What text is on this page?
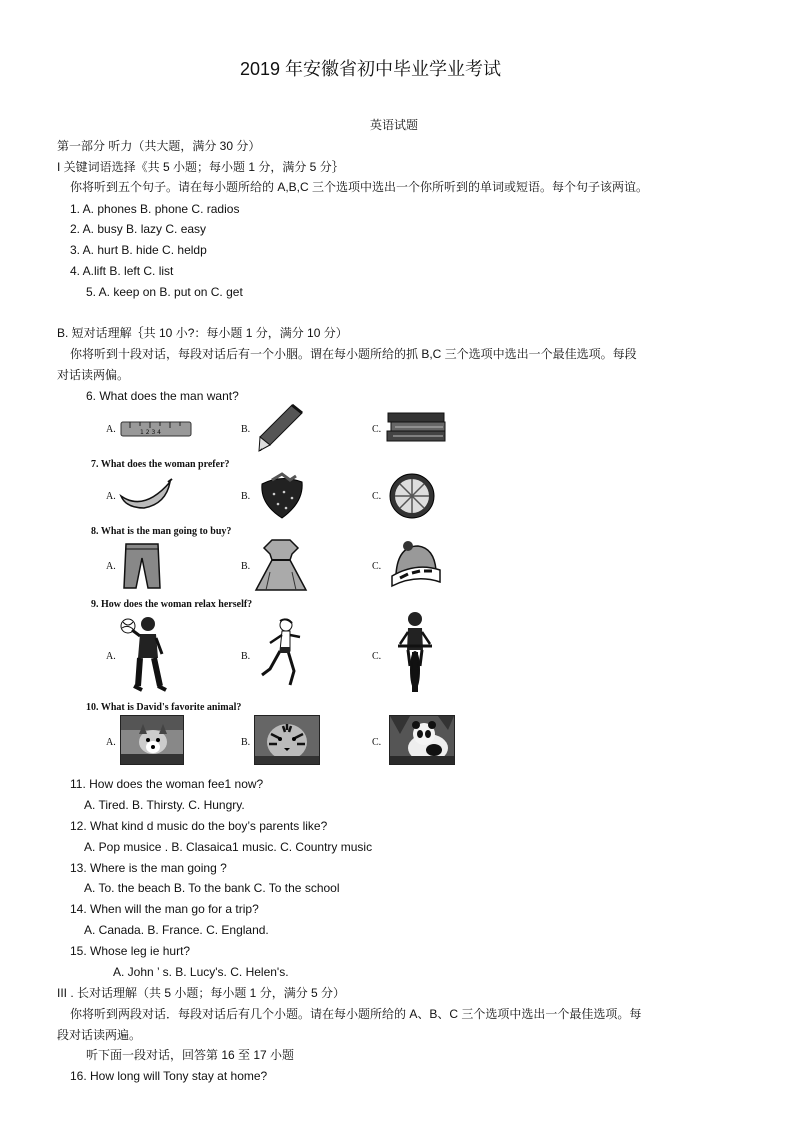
2019 年安徽省初中毕业学业考试
英语试题
第一部分 听力（共大题，满分 30 分）
I 关键词语选择《共 5 小题；每小题 1 分，满分 5 分｝
你将听到五个句子。请在每小题所给的 A,B,C 三个选项中选出一个你所听到的单词或短语。每个句子该两谊。
1. A. phones B. phone C. radios
2. A. busy B. lazy C. easy
3. A. hurt B. hide C. heldp
4. A.lift B. left C. list
5. A. keep on B. put on C. get
B. 短对话理解｛共 10 小?：每小题 1 分，满分 10 分）
你将听到十段对话，每段对话后有一个小胭。谓在每小题所给的抓 B,C 三个选项中选出一个最佳选项。每段
对话读两偏。
6. What does the man want?
A.	1 2 3 4	B.	C.
7. What does the woman prefer?
A.	B.	C.
8. What is the man going to buy?
A.	B.	C.
9. How does the woman relax herself?
A.	B.	C.
10. What is David's favorite animal?
A.	B.	C.
11. How does the woman fee1 now?
A. Tired. B. Thirsty. C. Hungry.
12. What kind d music do the boy’s parents like?
A. Pop musice . B. Clasaica1 music. C. Country music
13. Where is the man going ?
A. To. the beach B. To the bank C. To the school
14. When will the man go for a trip?
A. Canada. B. France. C. England.
15. Whose leg ie hurt?
A. John ’ s. B. Lucy's. C. Helen's.
III . 长对话理解（共 5 小题；每小题 1 分，满分 5 分）
你将听到两段对话．每段对话后有几个小题。请在每小题所给的 A、B、C 三个选项中选出一个最佳选项。每
段对话读两遍。
听下面一段对话，回答第 16 至 17 小题
16. How long will Tony stay at home?
